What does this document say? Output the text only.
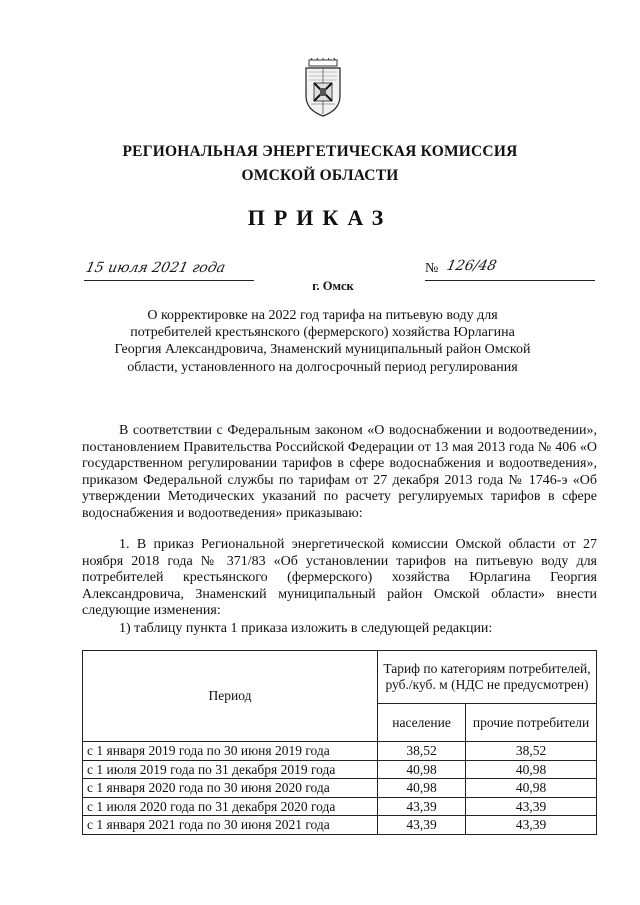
РЕГИОНАЛЬНАЯ ЭНЕРГЕТИЧЕСКАЯ КОМИССИЯ
ОМСКОЙ ОБЛАСТИ
ПРИКАЗ
15 июля 2021 года	№ 126/48
г. Омск
О корректировке на 2022 год тарифа на питьевую воду для потребителей крестьянского (фермерского) хозяйства Юрлагина Георгия Александровича, Знаменский муниципальный район Омской области, установленного на долгосрочный период регулирования
В соответствии с Федеральным законом «О водоснабжении и водоотведении», постановлением Правительства Российской Федерации от 13 мая 2013 года № 406 «О государственном регулировании тарифов в сфере водоснабжения и водоотведения», приказом Федеральной службы по тарифам от 27 декабря 2013 года № 1746-э «Об утверждении Методических указаний по расчету регулируемых тарифов в сфере водоснабжения и водоотведения» приказываю:
1. В приказ Региональной энергетической комиссии Омской области от 27 ноября 2018 года № 371/83 «Об установлении тарифов на питьевую воду для потребителей крестьянского (фермерского) хозяйства Юрлагина Георгия Александровича, Знаменский муниципальный район Омской области» внести следующие изменения:
1) таблицу пункта 1 приказа изложить в следующей редакции:
Период	Тариф по категориям потребителей, руб./куб. м (НДС не предусмотрен)	
	население	прочие потребители
с 1 января 2019 года по 30 июня 2019 года	38,52	38,52
с 1 июля 2019 года по 31 декабря 2019 года	40,98	40,98
с 1 января 2020 года по 30 июня 2020 года	40,98	40,98
с 1 июля 2020 года по 31 декабря 2020 года	43,39	43,39
с 1 января 2021 года по 30 июня 2021 года	43,39	43,39
